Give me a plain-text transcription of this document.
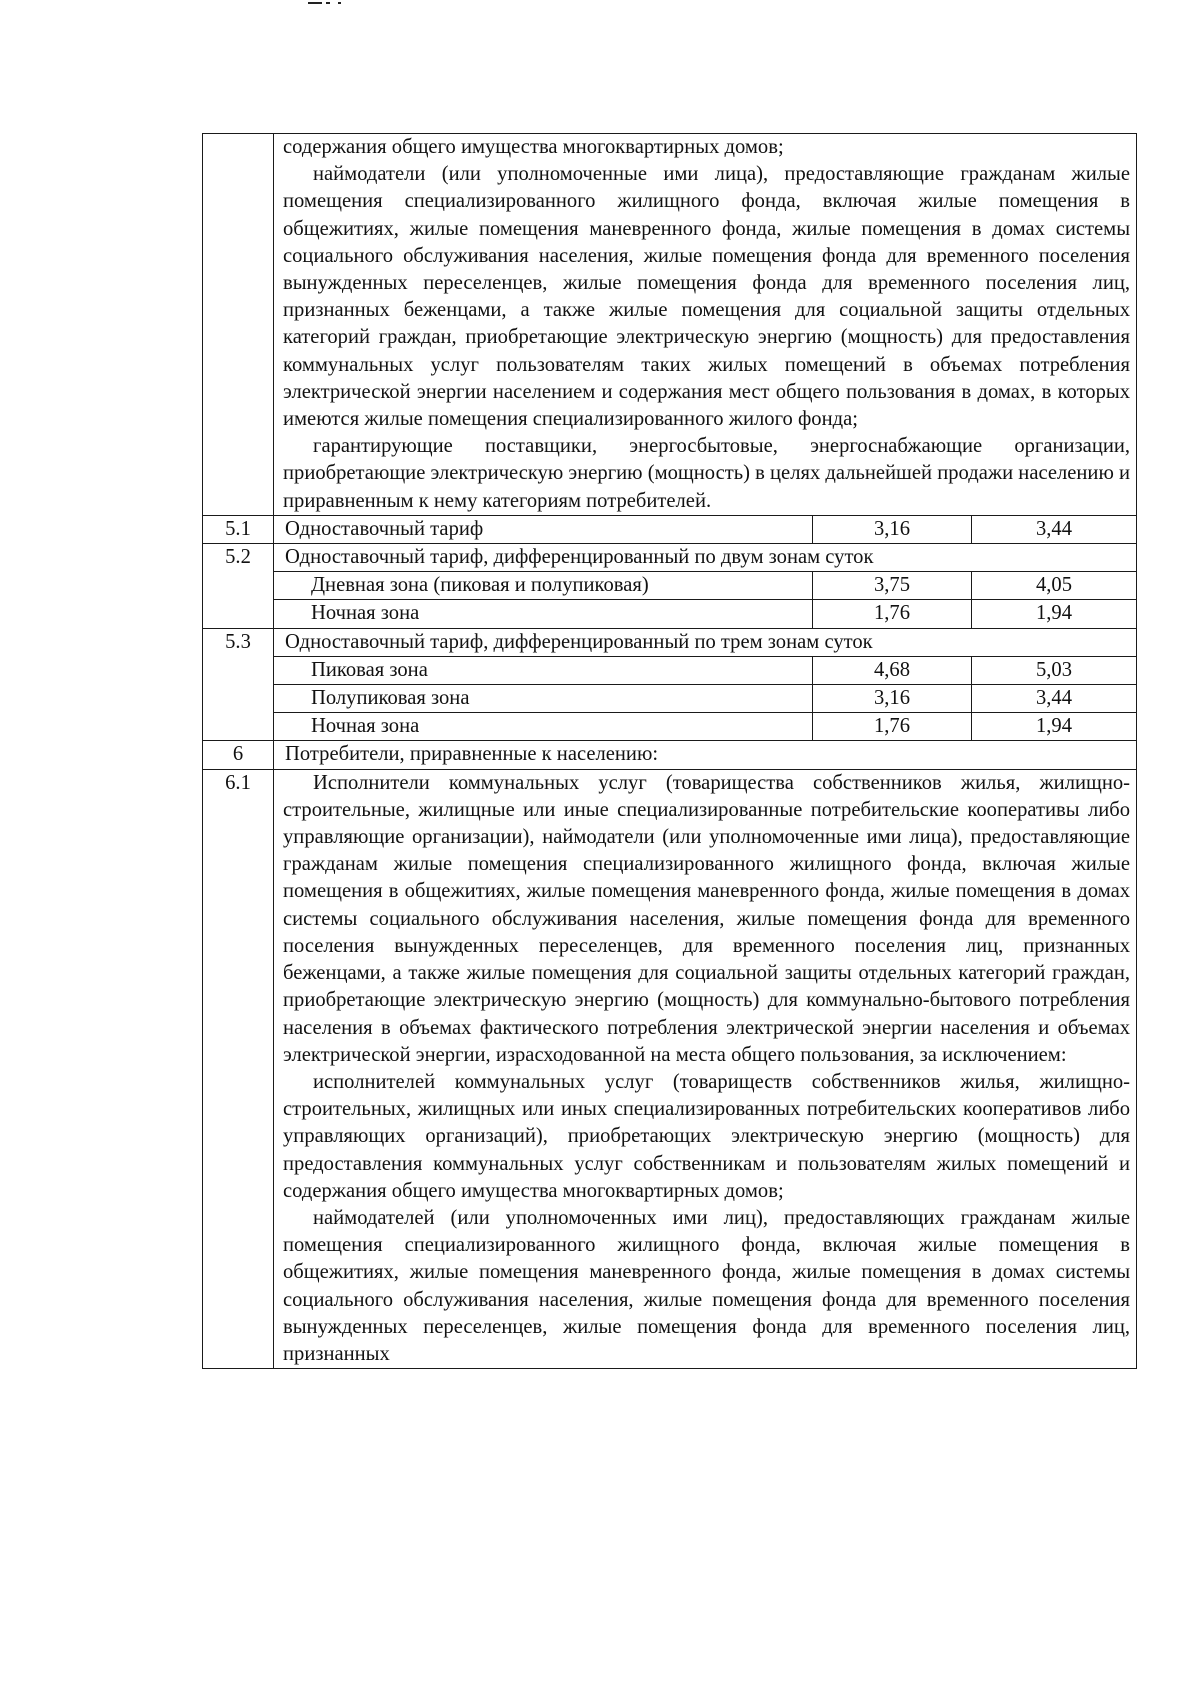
	содержания общего имущества многоквартирных домов;

наймодатели (или уполномоченные ими лица), предоставляющие гражданам жилые помещения специализированного жилищного фонда, включая жилые помещения в общежитиях, жилые помещения маневренного фонда, жилые помещения в домах системы социального обслуживания населения, жилые помещения фонда для временного поселения вынужденных переселенцев, жилые помещения фонда для временного поселения лиц, признанных беженцами, а также жилые помещения для социальной защиты отдельных категорий граждан, приобретающие электрическую энергию (мощность) для предоставления коммунальных услуг пользователям таких жилых помещений в объемах потребления электрической энергии населением и содержания мест общего пользования в домах, в которых имеются жилые помещения специализированного жилого фонда;

гарантирующие поставщики, энергосбытовые, энергоснабжающие организации, приобретающие электрическую энергию (мощность) в целях дальнейшей продажи населению и приравненным к нему категориям потребителей.		

5.1	Одноставочный тариф	3,16	3,44
5.2	Одноставочный тариф, дифференцированный по двум зонам суток		
	Дневная зона (пиковая и полупиковая)	3,75	4,05
	Ночная зона	1,76	1,94
5.3	Одноставочный тариф, дифференцированный по трем зонам суток		
	Пиковая зона	4,68	5,03
	Полупиковая зона	3,16	3,44
	Ночная зона	1,76	1,94
6	Потребители, приравненные к населению:		
6.1	Исполнители коммунальных услуг (товарищества собственников жилья, жилищно-строительные, жилищные или иные специализированные потребительские кооперативы либо управляющие организации), наймодатели (или уполномоченные ими лица), предоставляющие гражданам жилые помещения специализированного жилищного фонда, включая жилые помещения в общежитиях, жилые помещения маневренного фонда, жилые помещения в домах системы социального обслуживания населения, жилые помещения фонда для временного поселения вынужденных переселенцев, для временного поселения лиц, признанных беженцами, а также жилые помещения для социальной защиты отдельных категорий граждан, приобретающие электрическую энергию (мощность) для коммунально-бытового потребления населения в объемах фактического потребления электрической энергии населения и объемах электрической энергии, израсходованной на места общего пользования, за исключением:

исполнителей коммунальных услуг (товариществ собственников жилья, жилищно-строительных, жилищных или иных специализированных потребительских кооперативов либо управляющих организаций), приобретающих электрическую энергию (мощность) для предоставления коммунальных услуг собственникам и пользователям жилых помещений и содержания общего имущества многоквартирных домов;

наймодателей (или уполномоченных ими лиц), предоставляющих гражданам жилые помещения специализированного жилищного фонда, включая жилые помещения в общежитиях, жилые помещения маневренного фонда, жилые помещения в домах системы социального обслуживания населения, жилые помещения фонда для временного поселения вынужденных переселенцев, жилые помещения фонда для временного поселения лиц, признанных		
